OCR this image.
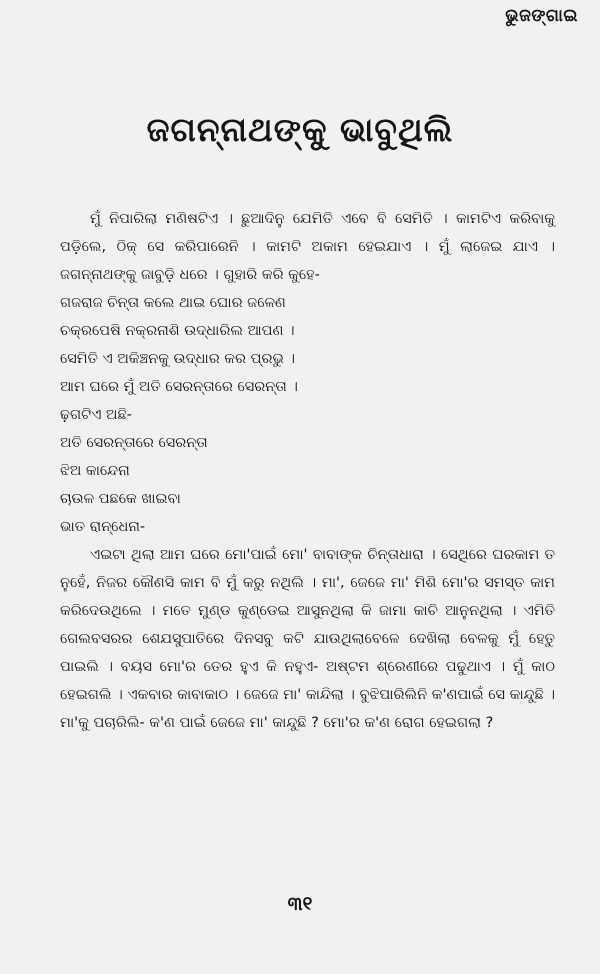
ଭୁଜଙ୍ଗାଇ
ଜଗନ୍ନାଥଙ୍କୁ ଭାବୁଥିଲି

ମୁଁ ନିପାରିଲା ମଣିଷଟିଏ । ଛୁଆଦିନୁ ଯେମିତି ଏବେ ବି ସେମିତି । କାମଟିଏ କରିବାକୁ ପଡ଼ିଲେ, ଠିକ୍ ସେ କରିପାରେନି । କାମଟି ଅକାମ ହେଇଯାଏ । ମୁଁ ଲାଜେଇ ଯାଏ । ଜଗନ୍ନାଥଙ୍କୁ ଜାବୁଡ଼ି ଧରେ । ଗୁହାରି କରି କୁହେ-

ଗଜରାଜ ଚିନ୍ତା କଲେ ଥାଇ ଘୋର ଜଳେଣ
ଚକ୍ରପେଷି ନକ୍ରନାଶି ଉଦ୍ଧାରିଲ ଆପଣ ।
ସେମିତି ଏ ଅକିଞ୍ଚନକୁ ଉଦ୍ଧାର କର ପ୍ରଭୁ ।
ଆମ ଘରେ ମୁଁ ଅତି ସେରନ୍ତାରେ ସେରନ୍ତା ।
ଢ଼ଗଟିଏ ଅଛି-
ଅତି ସେରନ୍ତାରେ ସେରନ୍ତା
ଝିଅ କାନ୍ଦେନା
ଚାଉଳ ପଛକେ ଖାଇବା
ଭାତ ରାନ୍ଧେନା-

ଏଇଟା ଥିଲା ଆମ ଘରେ ମୋ'ପାଇଁ ମୋ' ବାବାଙ୍କ ଚିନ୍ତାଧାରା । ସେଥିରେ ଘରକାମ ତ ନୁହେଁ, ନିଜର କୌଣସି କାମ ବି ମୁଁ କରୁ ନଥିଲି । ମା', ଜେଜେ ମା' ମିଶି ମୋ'ର ସମସ୍ତ କାମ କରିଦେଉଥିଲେ । ମତେ ମୁଣ୍ଡ କୁଣ୍ଡେଇ ଆସୁନଥିଲା କି ଜାମା କାଚି ଆନୁନଥିଲା । ଏମିତି ଗେଲବସରର ଶେଯସୁପାତିରେ ଦିନସବୁ କଟି ଯାଉଥିଲାବେଳେ ଦେଖିଲା ବେଳକୁ ମୁଁ ହେତୁ ପାଇଲି । ବୟସ ମୋ'ର ତେର ହୁଏ କି ନହୁଏ- ଅଷ୍ଟମ ଶ୍ରେଣୀରେ ପଢୁଥାଏ । ମୁଁ କାଠ ହେଇଗଲି । ଏକବାର କାବାକାଠ । ଜେଜେ ମା' କାନ୍ଦିଲା । ବୁଝିପାରିଲିନି କ'ଣପାଇଁ ସେ କାନ୍ଦୁଛି । ମା'କୁ ପଚାରିଲି- କ'ଣ ପାଇଁ ଜେଜେ ମା' କାନ୍ଦୁଛି ? ମୋ'ର କ'ଣ ରୋଗ ହେଇଗଲା ?

୩୧
